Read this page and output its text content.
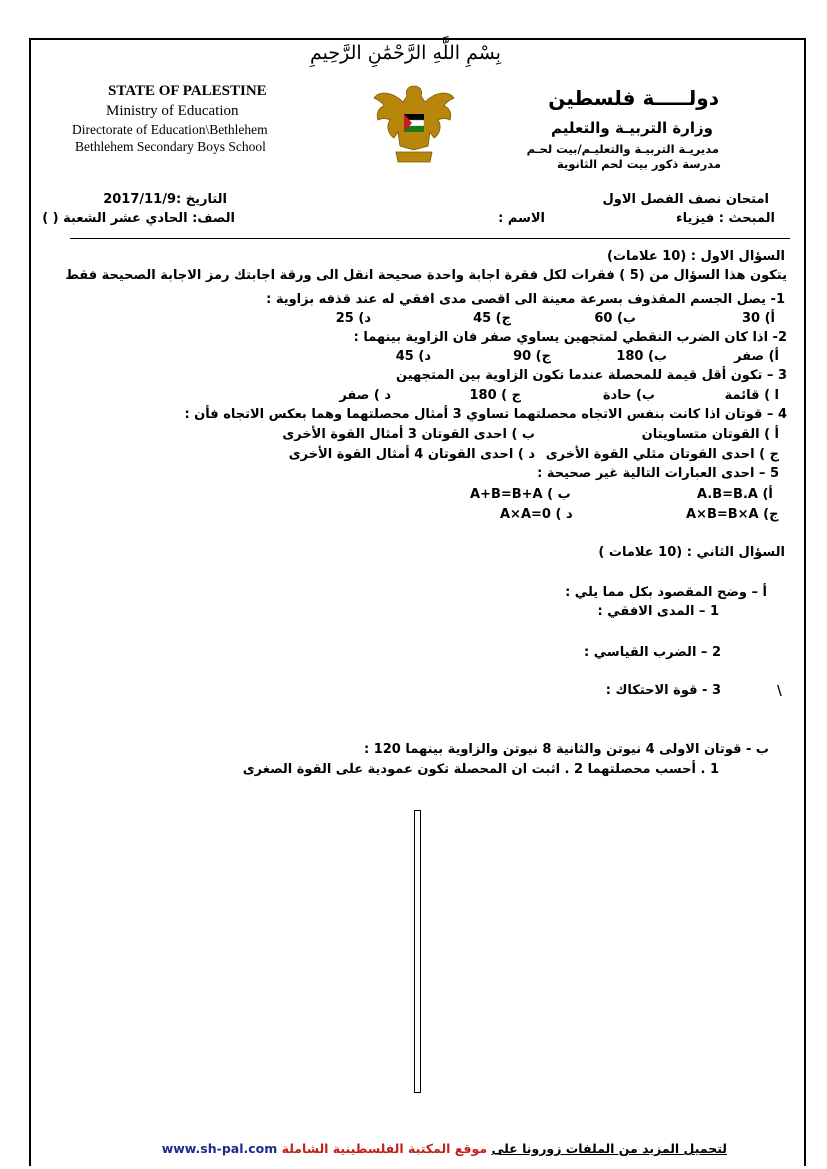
بِسْمِ اللَّهِ الرَّحْمَٰنِ الرَّحِيمِ
STATE OF PALESTINE
Ministry of Education
Directorate of Education\Bethlehem
Bethlehem Secondary Boys School
دولـــــة فلسطين
وزارة التربيـة والتعليم
مديريـة التربيـة والتعليـم/بيت لحـم
مدرسة ذكور بيت لحم الثانوية
امتحان نصف الفصل الاول
المبحث : فيزياء
الاسم :
التاريخ :2017/11/9
الصف: الحادي عشر الشعبة ( )
السؤال الاول : (10 علامات)
يتكون هذا السؤال من (5 ) فقرات لكل فقرة اجابة واحدة صحيحة انقل الى ورقة اجابتك رمز الاجابة الصحيحة فقط
1- يصل الجسم المقذوف بسرعة معينة الى اقصى مدى افقي له عند قذفه بزاوية :
أ) 30
ب) 60
ج) 45
د) 25
2- اذا كان الضرب النقطي لمتجهين يساوي صفر فان الزاوية بينهما :
أ) صفر
ب) 180
ج) 90
د) 45
3 – تكون أقل قيمة للمحصلة عندما تكون الزاوية بين المتجهين
ا ) قائمة
ب) حادة
ج ) 180
د ) صفر
4 – قوتان اذا كانت بنفس الاتجاه محصلتهما تساوي 3 أمثال محصلتهما وهما بعكس الاتجاه فأن :
أ ) القوتان متساويتان
ب ) احدى القوتان 3 أمثال القوة الأخرى
ج ) احدى القوتان مثلي القوة الأخرى
د ) احدى القوتان 4 أمثال القوة الأخرى
5 – احدى العبارات التالية غير صحيحة :
A.B=B.A (أ
A+B=B+A ( ب
A×B=B×A (ج
A×A=0 ( د
السؤال الثاني : (10 علامات )
أ – وضح المقصود بكل مما يلي :
1 – المدى الافقي :
2 – الضرب القياسي :
3 - قوة الاحتكاك :	\
ب - قوتان الاولى 4 نيوتن والثانية 8 نيوتن والزاوية بينهما 120 :
1 . أحسب محصلتهما 2 . اثبت ان المحصلة تكون عمودية على القوة الصغرى
لتحميل المزيد من الملفات زورونا على موقع المكتبة الفلسطينية الشاملة www.sh-pal.com
